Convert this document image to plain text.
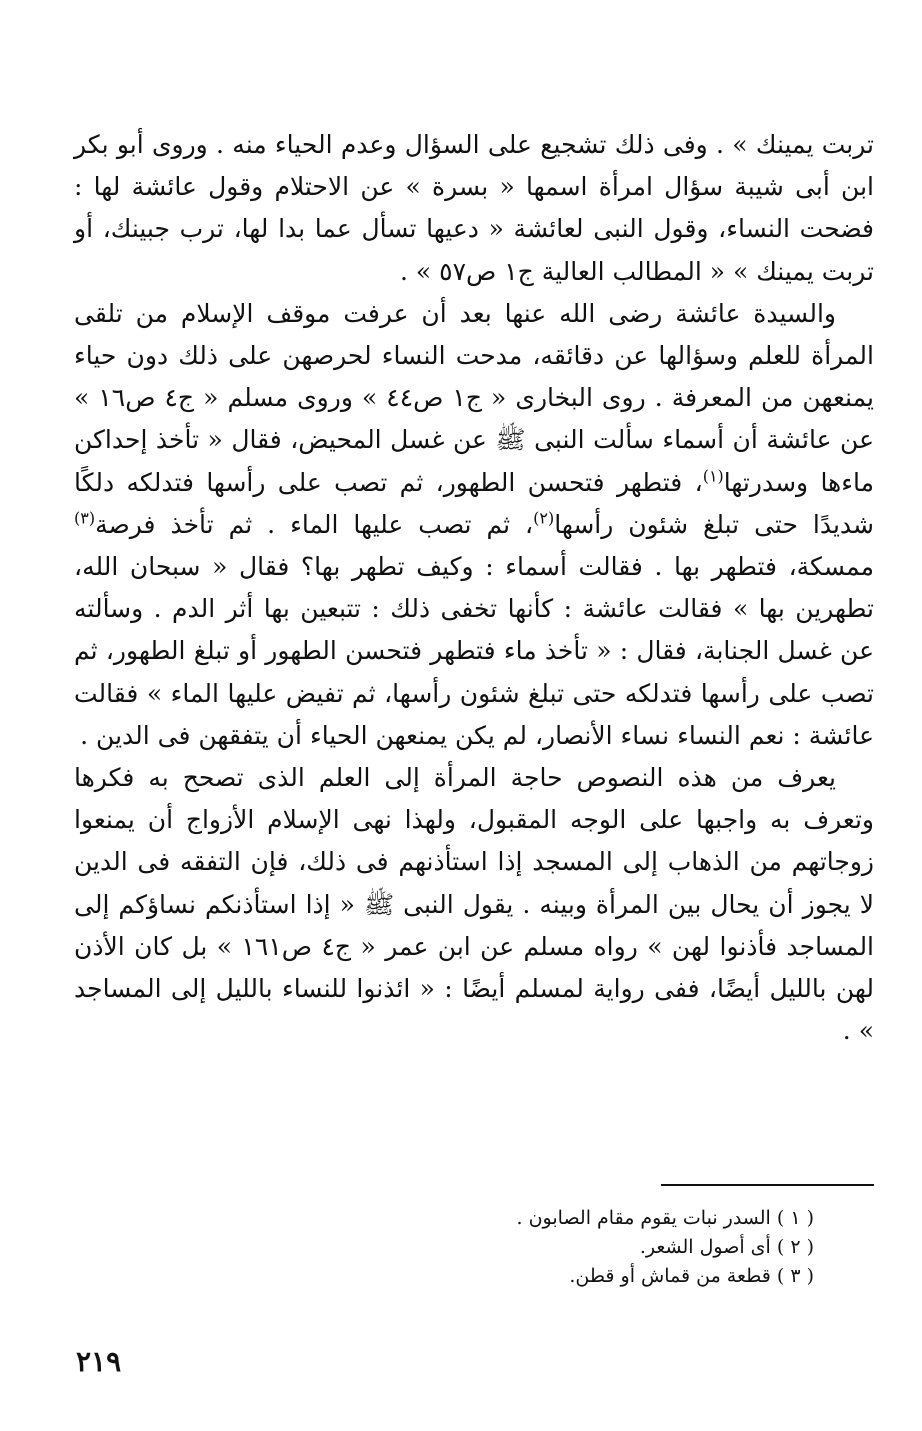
تربت يمينك » . وفى ذلك تشجيع على السؤال وعدم الحياء منه . وروى أبو بكر ابن أبى شيبة سؤال امرأة اسمها « بسرة » عن الاحتلام وقول عائشة لها : فضحت النساء، وقول النبى لعائشة « دعيها تسأل عما بدا لها، ترب جبينك، أو تربت يمينك » « المطالب العالية ج١ ص٥٧ » .

والسيدة عائشة رضى الله عنها بعد أن عرفت موقف الإسلام من تلقى المرأة للعلم وسؤالها عن دقائقه، مدحت النساء لحرصهن على ذلك دون حياء يمنعهن من المعرفة . روى البخارى « ج١ ص٤٤ » وروى مسلم « ج٤ ص١٦ » عن عائشة أن أسماء سألت النبى ﷺ عن غسل المحيض، فقال « تأخذ إحداكن ماءها وسدرتها$^{(١)}$، فتطهر فتحسن الطهور، ثم تصب على رأسها فتدلكه دلكًا شديدًا حتى تبلغ شئون رأسها$^{(٢)}$، ثم تصب عليها الماء . ثم تأخذ فرصة$^{(٣)}$ ممسكة، فتطهر بها . فقالت أسماء : وكيف تطهر بها؟ فقال « سبحان الله، تطهرين بها » فقالت عائشة : كأنها تخفى ذلك : تتبعين بها أثر الدم . وسألته عن غسل الجنابة، فقال : « تأخذ ماء فتطهر فتحسن الطهور أو تبلغ الطهور، ثم تصب على رأسها فتدلكه حتى تبلغ شئون رأسها، ثم تفيض عليها الماء » فقالت عائشة : نعم النساء نساء الأنصار، لم يكن يمنعهن الحياء أن يتفقهن فى الدين .

يعرف من هذه النصوص حاجة المرأة إلى العلم الذى تصحح به فكرها وتعرف به واجبها على الوجه المقبول، ولهذا نهى الإسلام الأزواج أن يمنعوا زوجاتهم من الذهاب إلى المسجد إذا استأذنهم فى ذلك، فإن التفقه فى الدين لا يجوز أن يحال بين المرأة وبينه . يقول النبى ﷺ « إذا استأذنكم نساؤكم إلى المساجد فأذنوا لهن » رواه مسلم عن ابن عمر « ج٤ ص١٦١ » بل كان الأذن لهن بالليل أيضًا، ففى رواية لمسلم أيضًا : « ائذنوا للنساء بالليل إلى المساجد » .

( ١ ) السدر نبات يقوم مقام الصابون .

( ٢ ) أى أصول الشعر.

( ٣ ) قطعة من قماش أو قطن.

٢١٩
